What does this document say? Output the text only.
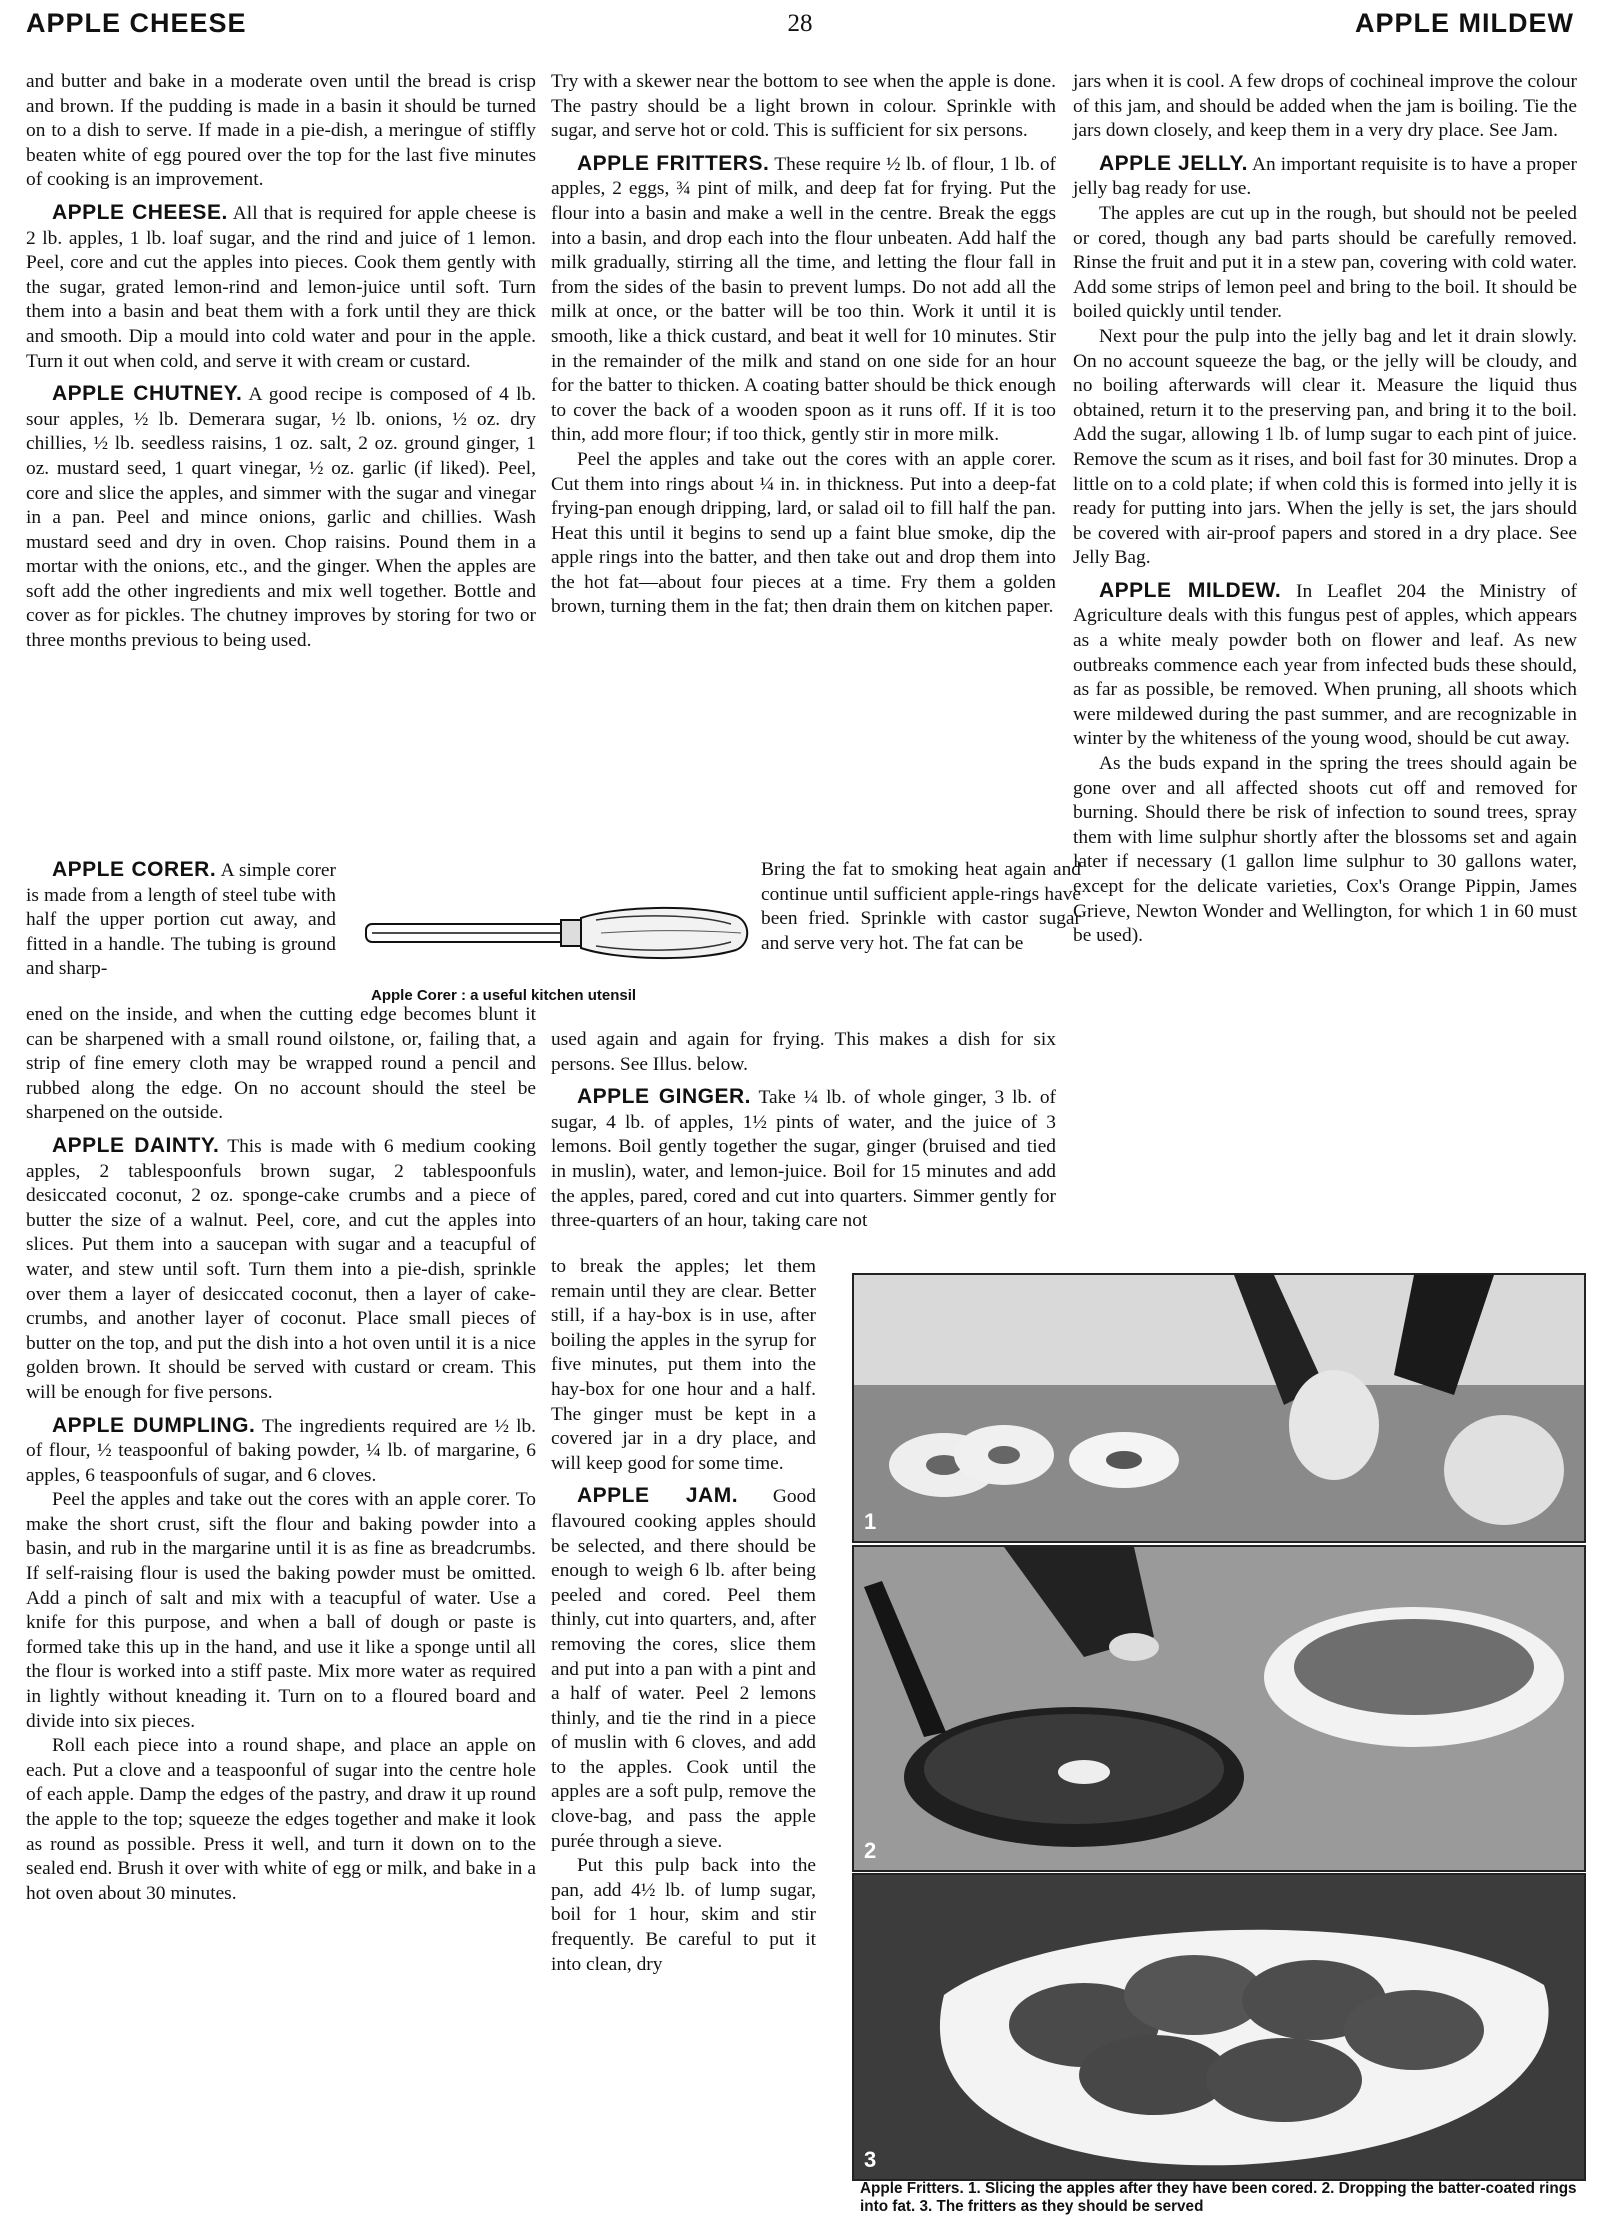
APPLE CHEESE	28	APPLE MILDEW

and butter and bake in a moderate oven until the bread is crisp and brown. If the pudding is made in a basin it should be turned on to a dish to serve. If made in a pie-dish, a meringue of stiffly beaten white of egg poured over the top for the last five minutes of cooking is an improvement.

APPLE CHEESE. All that is required for apple cheese is 2 lb. apples, 1 lb. loaf sugar, and the rind and juice of 1 lemon. Peel, core and cut the apples into pieces. Cook them gently with the sugar, grated lemon-rind and lemon-juice until soft. Turn them into a basin and beat them with a fork until they are thick and smooth. Dip a mould into cold water and pour in the apple. Turn it out when cold, and serve it with cream or custard.

APPLE CHUTNEY. A good recipe is composed of 4 lb. sour apples, ½ lb. Demerara sugar, ½ lb. onions, ½ oz. dry chillies, ½ lb. seedless raisins, 1 oz. salt, 2 oz. ground ginger, 1 oz. mustard seed, 1 quart vinegar, ½ oz. garlic (if liked). Peel, core and slice the apples, and simmer with the sugar and vinegar in a pan. Peel and mince onions, garlic and chillies. Wash mustard seed and dry in oven. Chop raisins. Pound them in a mortar with the onions, etc., and the ginger. When the apples are soft add the other ingredients and mix well together. Bottle and cover as for pickles. The chutney improves by storing for two or three months previous to being used.

APPLE CORER. A simple corer is made from a length of steel tube with half the upper portion cut away, and fitted in a handle. The tubing is ground and sharp-

Apple Corer : a useful kitchen utensil

Bring the fat to smoking heat again and continue until sufficient apple-rings have been fried. Sprinkle with castor sugar and serve very hot. The fat can be

ened on the inside, and when the cutting edge becomes blunt it can be sharpened with a small round oilstone, or, failing that, a strip of fine emery cloth may be wrapped round a pencil and rubbed along the edge. On no account should the steel be sharpened on the outside.

APPLE DAINTY. This is made with 6 medium cooking apples, 2 tablespoonfuls brown sugar, 2 tablespoonfuls desiccated coconut, 2 oz. sponge-cake crumbs and a piece of butter the size of a walnut. Peel, core, and cut the apples into slices. Put them into a saucepan with sugar and a teacupful of water, and stew until soft. Turn them into a pie-dish, sprinkle over them a layer of desiccated coconut, then a layer of cake-crumbs, and another layer of coconut. Place small pieces of butter on the top, and put the dish into a hot oven until it is a nice golden brown. It should be served with custard or cream. This will be enough for five persons.

APPLE DUMPLING. The ingredients required are ½ lb. of flour, ½ teaspoonful of baking powder, ¼ lb. of margarine, 6 apples, 6 teaspoonfuls of sugar, and 6 cloves.

Peel the apples and take out the cores with an apple corer. To make the short crust, sift the flour and baking powder into a basin, and rub in the margarine until it is as fine as breadcrumbs. If self-raising flour is used the baking powder must be omitted. Add a pinch of salt and mix with a teacupful of water. Use a knife for this purpose, and when a ball of dough or paste is formed take this up in the hand, and use it like a sponge until all the flour is worked into a stiff paste. Mix more water as required in lightly without kneading it. Turn on to a floured board and divide into six pieces.

Roll each piece into a round shape, and place an apple on each. Put a clove and a teaspoonful of sugar into the centre hole of each apple. Damp the edges of the pastry, and draw it up round the apple to the top; squeeze the edges together and make it look as round as possible. Press it well, and turn it down on to the sealed end. Brush it over with white of egg or milk, and bake in a hot oven about 30 minutes.

Try with a skewer near the bottom to see when the apple is done. The pastry should be a light brown in colour. Sprinkle with sugar, and serve hot or cold. This is sufficient for six persons.

APPLE FRITTERS. These require ½ lb. of flour, 1 lb. of apples, 2 eggs, ¾ pint of milk, and deep fat for frying. Put the flour into a basin and make a well in the centre. Break the eggs into a basin, and drop each into the flour unbeaten. Add half the milk gradually, stirring all the time, and letting the flour fall in from the sides of the basin to prevent lumps. Do not add all the milk at once, or the batter will be too thin. Work it until it is smooth, like a thick custard, and beat it well for 10 minutes. Stir in the remainder of the milk and stand on one side for an hour for the batter to thicken. A coating batter should be thick enough to cover the back of a wooden spoon as it runs off. If it is too thin, add more flour; if too thick, gently stir in more milk.

Peel the apples and take out the cores with an apple corer. Cut them into rings about ¼ in. in thickness. Put into a deep-fat frying-pan enough dripping, lard, or salad oil to fill half the pan. Heat this until it begins to send up a faint blue smoke, dip the apple rings into the batter, and then take out and drop them into the hot fat—about four pieces at a time. Fry them a golden brown, turning them in the fat; then drain them on kitchen paper.

used again and again for frying. This makes a dish for six persons. See Illus. below.

APPLE GINGER. Take ¼ lb. of whole ginger, 3 lb. of sugar, 4 lb. of apples, 1½ pints of water, and the juice of 3 lemons. Boil gently together the sugar, ginger (bruised and tied in muslin), water, and lemon-juice. Boil for 15 minutes and add the apples, pared, cored and cut into quarters. Simmer gently for three-quarters of an hour, taking care not

to break the apples; let them remain until they are clear. Better still, if a hay-box is in use, after boiling the apples in the syrup for five minutes, put them into the hay-box for one hour and a half. The ginger must be kept in a covered jar in a dry place, and will keep good for some time.

APPLE JAM. Good flavoured cooking apples should be selected, and there should be enough to weigh 6 lb. after being peeled and cored. Peel them thinly, cut into quarters, and, after removing the cores, slice them and put into a pan with a pint and a half of water. Peel 2 lemons thinly, and tie the rind in a piece of muslin with 6 cloves, and add to the apples. Cook until the apples are a soft pulp, remove the clove-bag, and pass the apple purée through a sieve.

Put this pulp back into the pan, add 4½ lb. of lump sugar, boil for 1 hour, skim and stir frequently. Be careful to put it into clean, dry

jars when it is cool. A few drops of cochineal improve the colour of this jam, and should be added when the jam is boiling. Tie the jars down closely, and keep them in a very dry place. See Jam.

APPLE JELLY. An important requisite is to have a proper jelly bag ready for use.

The apples are cut up in the rough, but should not be peeled or cored, though any bad parts should be carefully removed. Rinse the fruit and put it in a stew pan, covering with cold water. Add some strips of lemon peel and bring to the boil. It should be boiled quickly until tender.

Next pour the pulp into the jelly bag and let it drain slowly. On no account squeeze the bag, or the jelly will be cloudy, and no boiling afterwards will clear it. Measure the liquid thus obtained, return it to the preserving pan, and bring it to the boil. Add the sugar, allowing 1 lb. of lump sugar to each pint of juice. Remove the scum as it rises, and boil fast for 30 minutes. Drop a little on to a cold plate; if when cold this is formed into jelly it is ready for putting into jars. When the jelly is set, the jars should be covered with air-proof papers and stored in a dry place. See Jelly Bag.

APPLE MILDEW. In Leaflet 204 the Ministry of Agriculture deals with this fungus pest of apples, which appears as a white mealy powder both on flower and leaf. As new outbreaks commence each year from infected buds these should, as far as possible, be removed. When pruning, all shoots which were mildewed during the past summer, and are recognizable in winter by the whiteness of the young wood, should be cut away.

As the buds expand in the spring the trees should again be gone over and all affected shoots cut off and removed for burning. Should there be risk of infection to sound trees, spray them with lime sulphur shortly after the blossoms set and again later if necessary (1 gallon lime sulphur to 30 gallons water, except for the delicate varieties, Cox's Orange Pippin, James Grieve, Newton Wonder and Wellington, for which 1 in 60 must be used).

1
2
3
Apple Fritters. 1. Slicing the apples after they have been cored. 2. Dropping the batter-coated rings into fat. 3. The fritters as they should be served
